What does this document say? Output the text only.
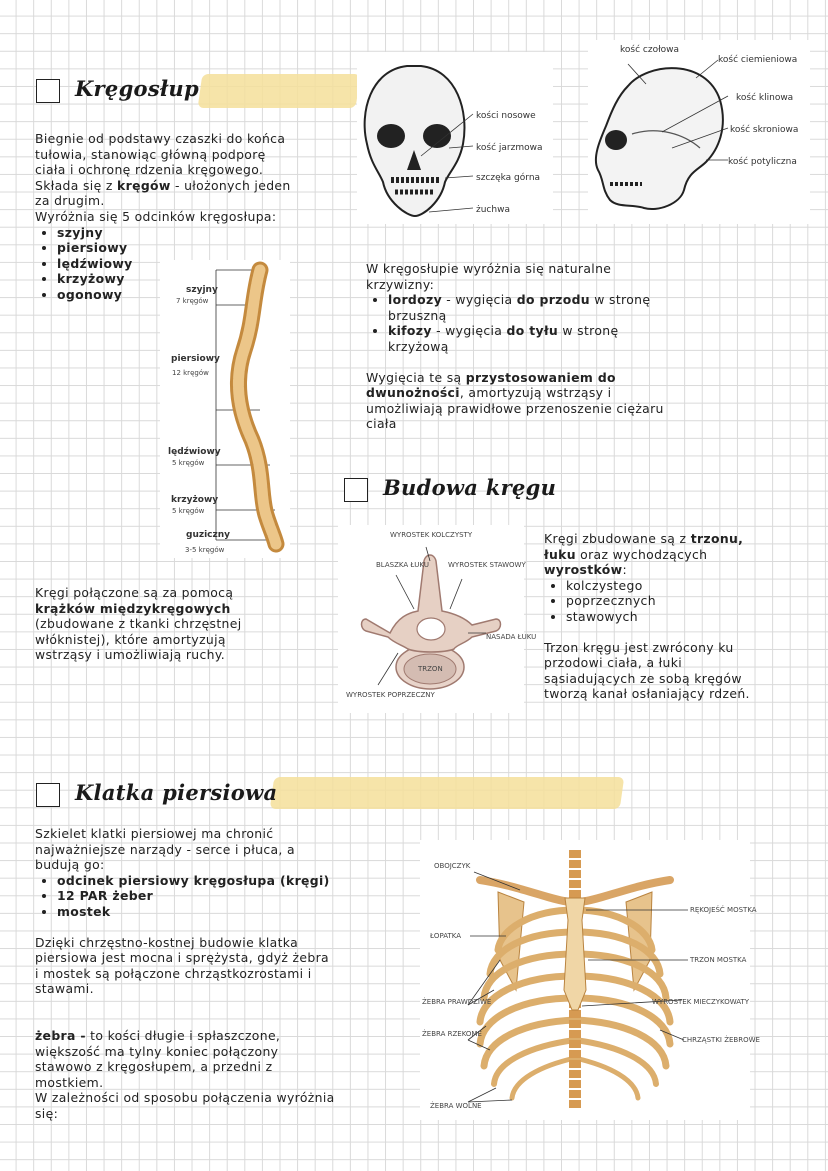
Kręgosłup

Biegnie od podstawy czaszki do końca tułowia, stanowiąc główną podporę ciała i ochronę rdzenia kręgowego.

Składa się z kręgów - ułożonych jeden za drugim.

Wyróżnia się 5 odcinków kręgosłupa:

• szyjny
• piersiowy
• lędźwiowy
• krzyżowy
• ogonowy	szyjny
7 kręgów
piersiowy
12 kręgów
lędźwiowy
5 kręgów
krzyżowy
5 kręgów
guziczny
3-5 kręgów

Kręgi połączone są za pomocą krążków międzykręgowych (zbudowane z tkanki chrzęstnej włóknistej), które amortyzują wstrząsy i umożliwiają ruchy.

kości nosowe
kość jarzmowa
szczęka górna
żuchwa
kość czołowa
kość ciemieniowa
kość klinowa
kość skroniowa
kość potyliczna

W kręgosłupie wyróżnia się naturalne krzywizny:

• lordozy - wygięcia do przodu w stronę brzuszną
• kifozy - wygięcia do tyłu w stronę krzyżową

Wygięcia te są przystosowaniem do dwunożności, amortyzują wstrząsy i umożliwiają prawidłowe przenoszenie ciężaru ciała

Budowa kręgu
TRZON
WYROSTEK KOLCZYSTY
BLASZKA ŁUKU	WYROSTEK STAWOWY
NASADA ŁUKU
WYROSTEK POPRZECZNY

Kręgi zbudowane są z trzonu, łuku oraz wychodzących wyrostków:

• kolczystego
• poprzecznych
• stawowych

Trzon kręgu jest zwrócony ku przodowi ciała, a łuki sąsiadujących ze sobą kręgów tworzą kanał osłaniający rdzeń.

Klatka piersiowa

Szkielet klatki piersiowej ma chronić najważniejsze narządy - serce i płuca, a budują go:

• odcinek piersiowy kręgosłupa (kręgi)
• 12 PAR żeber
• mostek

Dzięki chrzęstno-kostnej budowie klatka piersiowa jest mocna i sprężysta, gdyż żebra i mostek są połączone chrząstkozrostami i stawami.

żebra - to kości długie i spłaszczone, większość ma tylny koniec połączony stawowo z kręgosłupem, a przedni z mostkiem.

W zależności od sposobu połączenia wyróżnia się:

OBOJCZYK
ŁOPATKA
ŻEBRA PRAWDZIWE
ŻEBRA RZEKOME
ŻEBRA WOLNE
RĘKOJEŚĆ MOSTKA
TRZON MOSTKA
WYROSTEK MIECZYKOWATY
CHRZĄSTKI ŻEBROWE
